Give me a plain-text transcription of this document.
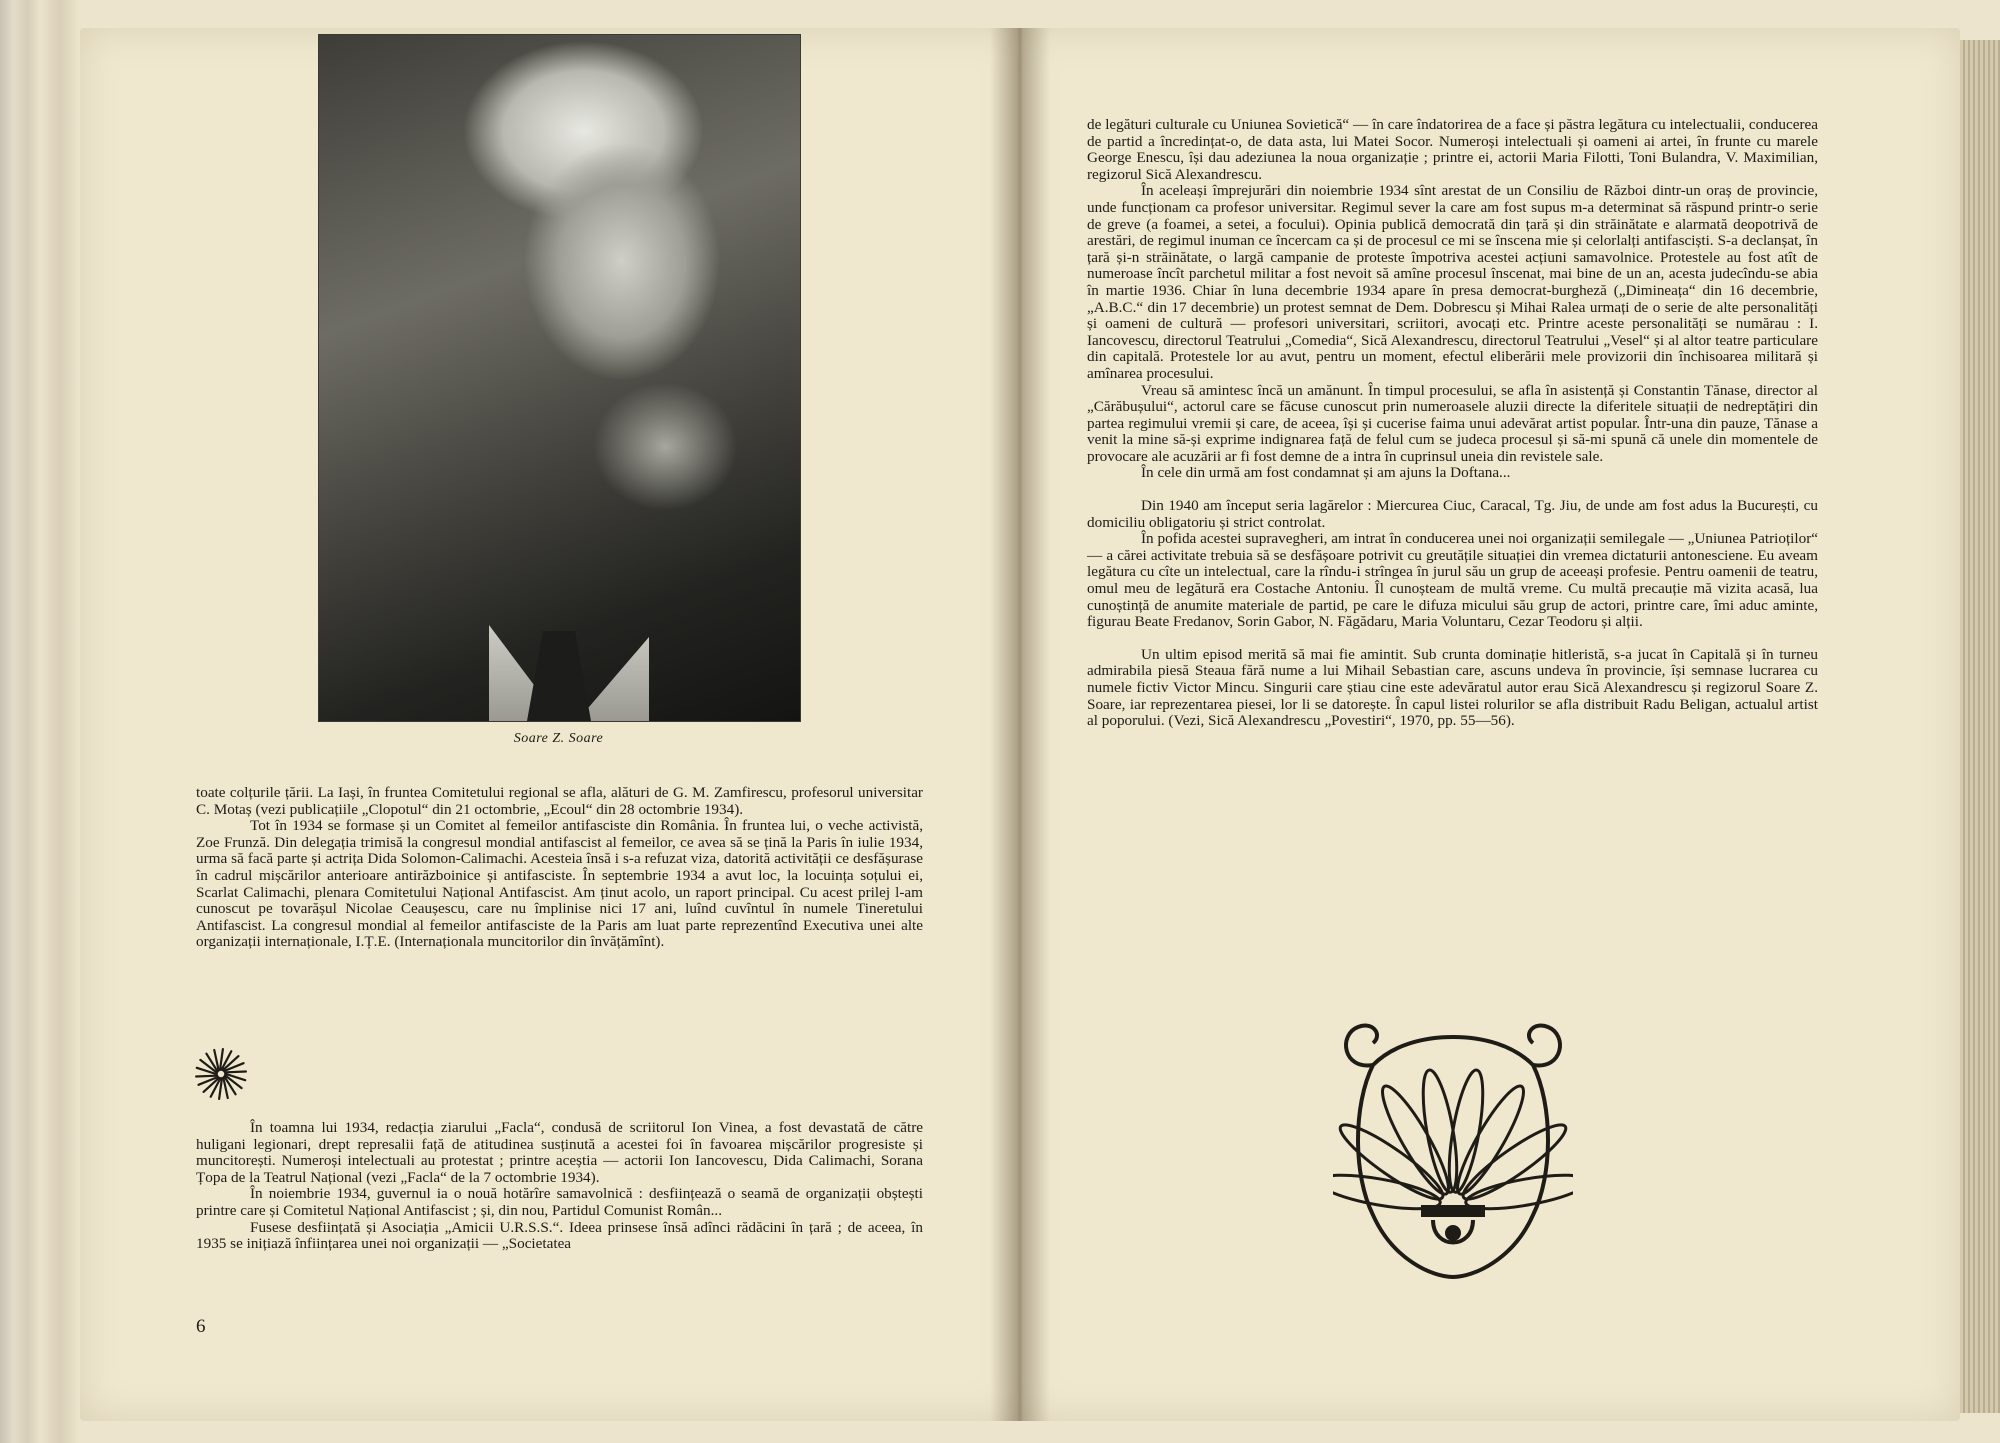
Soare Z. Soare

toate colțurile țării. La Iași, în fruntea Comitetului regional se afla, alături de G. M. Zamfirescu, profesorul universitar C. Motaș (vezi publicațiile „Clopotul“ din 21 octombrie, „Ecoul“ din 28 octombrie 1934).

Tot în 1934 se formase și un Comitet al femeilor antifasciste din România. În fruntea lui, o veche activistă, Zoe Frunză. Din delegația trimisă la congresul mondial antifascist al femeilor, ce avea să se țină la Paris în iulie 1934, urma să facă parte și actrița Dida Solomon-Calimachi. Acesteia însă i s-a refuzat viza, datorită activității ce desfășurase în cadrul mișcărilor anterioare antirăzboinice și antifasciste. În septembrie 1934 a avut loc, la locuința soțului ei, Scarlat Calimachi, plenara Comitetului Național Antifascist. Am ținut acolo, un raport principal. Cu acest prilej l-am cunoscut pe tovarășul Nicolae Ceaușescu, care nu împlinise nici 17 ani, luînd cuvîntul în numele Tineretului Antifascist. La congresul mondial al femeilor antifasciste de la Paris am luat parte reprezentînd Executiva unei alte organizații internaționale, I.Ț.E. (Internaționala muncitorilor din învățămînt).

În toamna lui 1934, redacția ziarului „Facla“, condusă de scriitorul Ion Vinea, a fost devastată de către huligani legionari, drept represalii față de atitudinea susținută a acestei foi în favoarea mișcărilor progresiste și muncitorești. Numeroși intelectuali au protestat ; printre aceștia — actorii Ion Iancovescu, Dida Calimachi, Sorana Țopa de la Teatrul Național (vezi „Facla“ de la 7 octombrie 1934).

În noiembrie 1934, guvernul ia o nouă hotărîre samavolnică : desființează o seamă de organizații obștești printre care și Comitetul Național Antifascist ; și, din nou, Partidul Comunist Român...

Fusese desființată și Asociația „Amicii U.R.S.S.“. Ideea prinsese însă adînci rădăcini în țară ; de aceea, în 1935 se inițiază înființarea unei noi organizații — „Societatea

6

de legături culturale cu Uniunea Sovietică“ — în care îndatorirea de a face și păstra legătura cu intelectualii, conducerea de partid a încredințat-o, de data asta, lui Matei Socor. Numeroși intelectuali și oameni ai artei, în frunte cu marele George Enescu, își dau adeziunea la noua organizație ; printre ei, actorii Maria Filotti, Toni Bulandra, V. Maximilian, regizorul Sică Alexandrescu.

În aceleași împrejurări din noiembrie 1934 sînt arestat de un Consiliu de Război dintr-un oraș de provincie, unde funcționam ca profesor universitar. Regimul sever la care am fost supus m-a determinat să răspund printr-o serie de greve (a foamei, a setei, a focului). Opinia publică democrată din țară și din străinătate e alarmată deopotrivă de arestări, de regimul inuman ce încercam ca și de procesul ce mi se înscena mie și celorlalți antifasciști. S-a declanșat, în țară și-n străinătate, o largă campanie de proteste împotriva acestei acțiuni samavolnice. Protestele au fost atît de numeroase încît parchetul militar a fost nevoit să amîne procesul înscenat, mai bine de un an, acesta judecîndu-se abia în martie 1936. Chiar în luna decembrie 1934 apare în presa democrat-burgheză („Dimineața“ din 16 decembrie, „A.B.C.“ din 17 decembrie) un protest semnat de Dem. Dobrescu și Mihai Ralea urmați de o serie de alte personalități și oameni de cultură — profesori universitari, scriitori, avocați etc. Printre aceste personalități se numărau : I. Iancovescu, directorul Teatrului „Comedia“, Sică Alexandrescu, directorul Teatrului „Vesel“ și al altor teatre particulare din capitală. Protestele lor au avut, pentru un moment, efectul eliberării mele provizorii din închisoarea militară și amînarea procesului.

Vreau să amintesc încă un amănunt. În timpul procesului, se afla în asistență și Constantin Tănase, director al „Cărăbușului“, actorul care se făcuse cunoscut prin numeroasele aluzii directe la diferitele situații de nedreptățiri din partea regimului vremii și care, de aceea, își și cucerise faima unui adevărat artist popular. Într-una din pauze, Tănase a venit la mine să-și exprime indignarea față de felul cum se judeca procesul și să-mi spună că unele din momentele de provocare ale acuzării ar fi fost demne de a intra în cuprinsul uneia din revistele sale.

În cele din urmă am fost condamnat și am ajuns la Doftana...

Din 1940 am început seria lagărelor : Miercurea Ciuc, Caracal, Tg. Jiu, de unde am fost adus la București, cu domiciliu obligatoriu și strict controlat.

În pofida acestei supravegheri, am intrat în conducerea unei noi organizații semilegale — „Uniunea Patrioților“ — a cărei activitate trebuia să se desfășoare potrivit cu greutățile situației din vremea dictaturii antonesciene. Eu aveam legătura cu cîte un intelectual, care la rîndu-i strîngea în jurul său un grup de aceeași profesie. Pentru oamenii de teatru, omul meu de legătură era Costache Antoniu. Îl cunoșteam de multă vreme. Cu multă precauție mă vizita acasă, lua cunoștință de anumite materiale de partid, pe care le difuza micului său grup de actori, printre care, îmi aduc aminte, figurau Beate Fredanov, Sorin Gabor, N. Făgădaru, Maria Voluntaru, Cezar Teodoru și alții.

Un ultim episod merită să mai fie amintit. Sub crunta dominație hitleristă, s-a jucat în Capitală și în turneu admirabila piesă Steaua fără nume a lui Mihail Sebastian care, ascuns undeva în provincie, își semnase lucrarea cu numele fictiv Victor Mincu. Singurii care știau cine este adevăratul autor erau Sică Alexandrescu și regizorul Soare Z. Soare, iar reprezentarea piesei, lor li se datorește. În capul listei rolurilor se afla distribuit Radu Beligan, actualul artist al poporului. (Vezi, Sică Alexandrescu „Povestiri“, 1970, pp. 55—56).
